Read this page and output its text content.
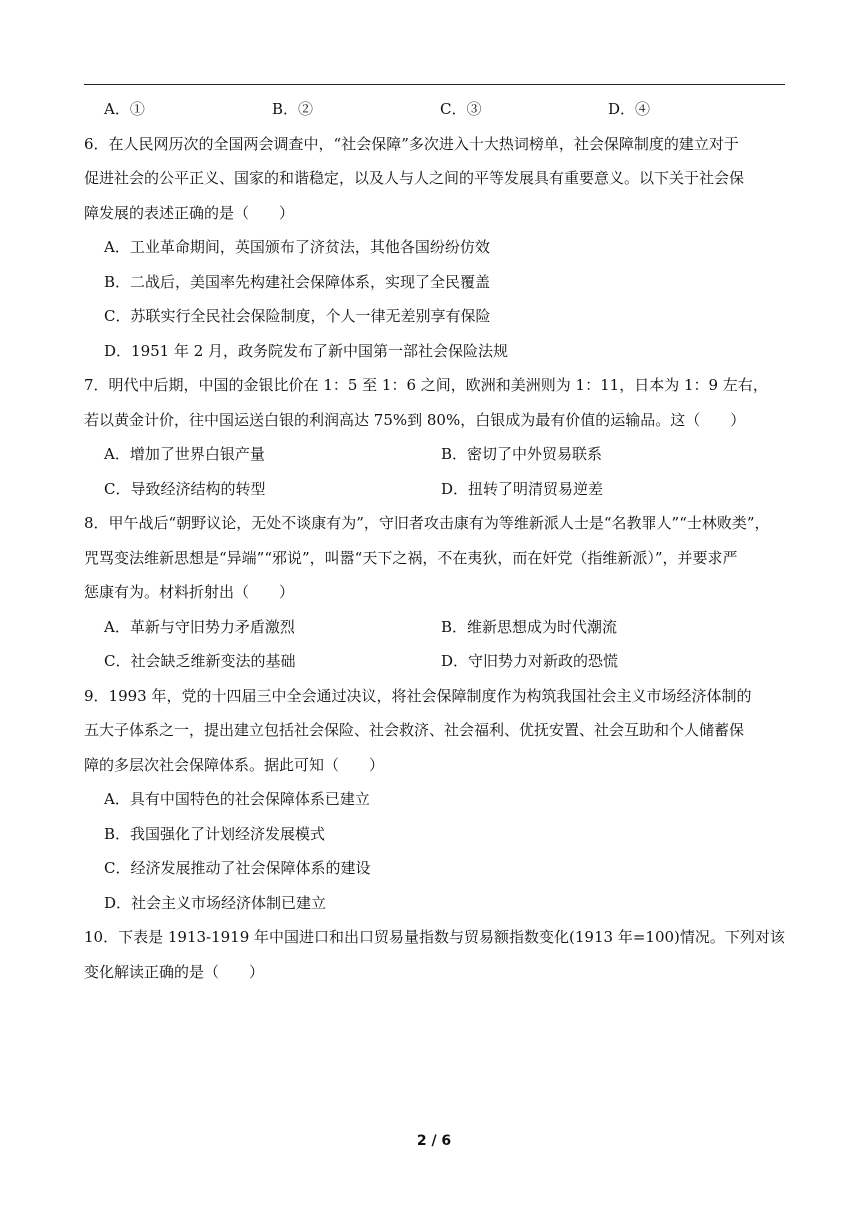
A．①	B．②	C．③	D．④
6．在人民网历次的全国两会调查中，“社会保障”多次进入十大热词榜单，社会保障制度的建立对于
促进社会的公平正义、国家的和谐稳定，以及人与人之间的平等发展具有重要意义。以下关于社会保
障发展的表述正确的是（　　）
A．工业革命期间，英国颁布了济贫法，其他各国纷纷仿效
B．二战后，美国率先构建社会保障体系，实现了全民覆盖
C．苏联实行全民社会保险制度，个人一律无差别享有保险
D．1951 年 2 月，政务院发布了新中国第一部社会保险法规
7．明代中后期，中国的金银比价在 1：5 至 1：6 之间，欧洲和美洲则为 1：11，日本为 1：9 左右，
若以黄金计价，往中国运送白银的利润高达 75%到 80%，白银成为最有价值的运输品。这（　　）
A．增加了世界白银产量	B．密切了中外贸易联系
C．导致经济结构的转型	D．扭转了明清贸易逆差
8．甲午战后“朝野议论，无处不谈康有为”，守旧者攻击康有为等维新派人士是“名教罪人”“士林败类”，
咒骂变法维新思想是“异端”“邪说”，叫嚣“天下之祸，不在夷狄，而在奸党（指维新派）”，并要求严
惩康有为。材料折射出（　　）
A．革新与守旧势力矛盾激烈	B．维新思想成为时代潮流
C．社会缺乏维新变法的基础	D．守旧势力对新政的恐慌
9．1993 年，党的十四届三中全会通过决议，将社会保障制度作为构筑我国社会主义市场经济体制的
五大子体系之一，提出建立包括社会保险、社会救济、社会福利、优抚安置、社会互助和个人储蓄保
障的多层次社会保障体系。据此可知（　　）
A．具有中国特色的社会保障体系已建立
B．我国强化了计划经济发展模式
C．经济发展推动了社会保障体系的建设
D．社会主义市场经济体制已建立
10．下表是 1913-1919 年中国进口和出口贸易量指数与贸易额指数变化(1913 年=100)情况。下列对该
变化解读正确的是（　　）
2 / 6
